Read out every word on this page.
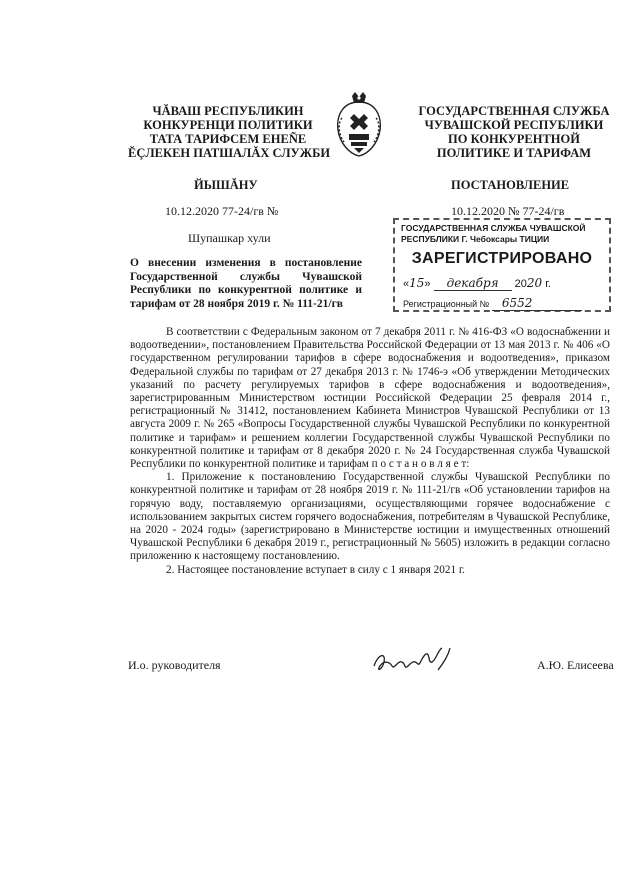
ЧĂВАШ РЕСПУБЛИКИН
КОНКУРЕНЦИ ПОЛИТИКИ
ТАТА ТАРИФСЕМ ЕНЕÑЕ
ĔÇЛЕКЕН ПАТШАЛĂХ СЛУЖБИ
ГОСУДАРСТВЕННАЯ СЛУЖБА
ЧУВАШСКОЙ РЕСПУБЛИКИ
ПО КОНКУРЕНТНОЙ
ПОЛИТИКЕ И ТАРИФАМ
ЙЫШĂНУ	ПОСТАНОВЛЕНИЕ
10.12.2020 77-24/гв №	10.12.2020 № 77-24/гв
Шупашкар хули
ГОСУДАРСТВЕННАЯ СЛУЖБА ЧУВАШСКОЙ
РЕСПУБЛИКИ Г. Чебоксары ТИЦИИ
ЗАРЕГИСТРИРОВАНО
«15» декабря 2020 г.
Регистрационный № 6552
О внесении изменения в постановление Государственной службы Чувашской Республики по конкурентной политике и тарифам от 28 ноября 2019 г. № 111-21/гв

В соответствии с Федеральным законом от 7 декабря 2011 г. № 416-ФЗ «О водоснабжении и водоотведении», постановлением Правительства Российской Федерации от 13 мая 2013 г. № 406 «О государственном регулировании тарифов в сфере водоснабжения и водоотведения», приказом Федеральной службы по тарифам от 27 декабря 2013 г. № 1746-э «Об утверждении Методических указаний по расчету регулируемых тарифов в сфере водоснабжения и водоотведения», зарегистрированным Министерством юстиции Российской Федерации 25 февраля 2014 г., регистрационный № 31412, постановлением Кабинета Министров Чувашской Республики от 13 августа 2009 г. № 265 «Вопросы Государственной службы Чувашской Республики по конкурентной политике и тарифам» и решением коллегии Государственной службы Чувашской Республики по конкурентной политике и тарифам от 8 декабря 2020 г. № 24 Государственная служба Чувашской Республики по конкурентной политике и тарифам п о с т а н о в л я е т:

1. Приложение к постановлению Государственной службы Чувашской Республики по конкурентной политике и тарифам от 28 ноября 2019 г. № 111-21/гв «Об установлении тарифов на горячую воду, поставляемую организациями, осуществляющими горячее водоснабжение с использованием закрытых систем горячего водоснабжения, потребителям в Чувашской Республике, на 2020 - 2024 годы» (зарегистрировано в Министерстве юстиции и имущественных отношений Чувашской Республики 6 декабря 2019 г., регистрационный № 5605) изложить в редакции согласно приложению к настоящему постановлению.

2. Настоящее постановление вступает в силу с 1 января 2021 г.

И.о. руководителя	А.Ю. Елисеева
